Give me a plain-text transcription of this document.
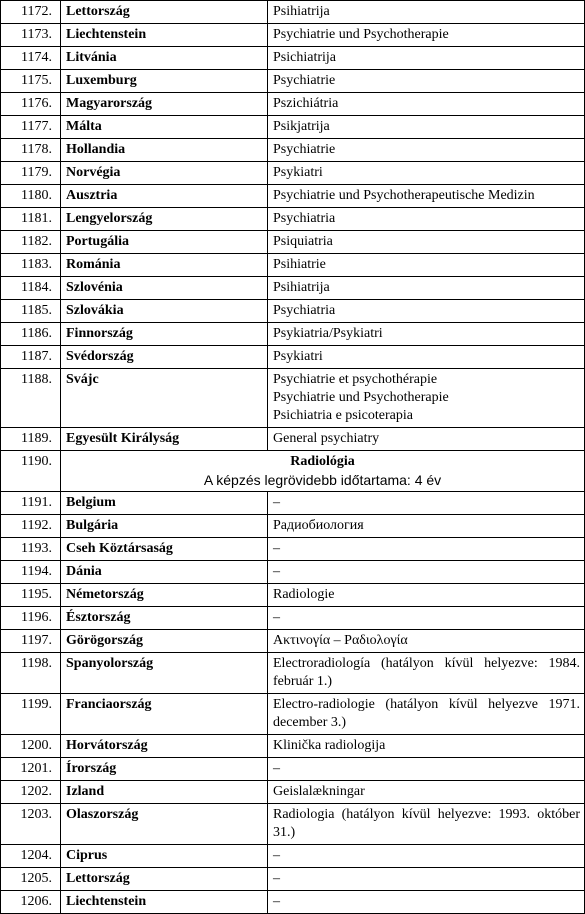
1172.	Lettország	Psihiatrija

1173.	Liechtenstein	Psychiatrie und Psychotherapie

1174.	Litvánia	Psichiatrija

1175.	Luxemburg	Psychiatrie

1176.	Magyarország	Pszichiátria

1177.	Málta	Psikjatrija

1178.	Hollandia	Psychiatrie

1179.	Norvégia	Psykiatri

1180.	Ausztria	Psychiatrie und Psychotherapeutische Medizin

1181.	Lengyelország	Psychiatria

1182.	Portugália	Psiquiatria

1183.	Románia	Psihiatrie

1184.	Szlovénia	Psihiatrija

1185.	Szlovákia	Psychiatria

1186.	Finnország	Psykiatria/Psykiatri

1187.	Svédország	Psykiatri

1188.	Svájc	Psychiatrie et psychothérapie
Psychiatrie und Psychotherapie
Psichiatria e psicoterapia

1189.	Egyesült Királyság	General psychiatry

1190.	Radiológia
A képzés legrövidebb időtartama: 4 év	

1191.	Belgium	–

1192.	Bulgária	Радиобиология

1193.	Cseh Köztársaság	–

1194.	Dánia	–

1195.	Németország	Radiologie

1196.	Észtország	–

1197.	Görögország	Ακτινογία – Ραδιολογία

1198.	Spanyolország	Electroradiología (hatályon kívül helyezve: 1984. február 1.)

1199.	Franciaország	Electro-radiologie (hatályon kívül helyezve 1971. december 3.)

1200.	Horvátország	Klinička radiologija

1201.	Írország	–

1202.	Izland	Geislalækningar

1203.	Olaszország	Radiologia (hatályon kívül helyezve: 1993. október 31.)

1204.	Ciprus	–

1205.	Lettország	–

1206.	Liechtenstein	–
